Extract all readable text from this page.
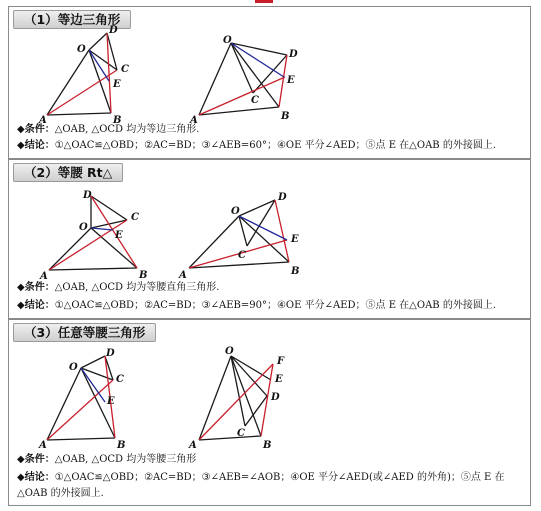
（1）等边三角形
O
D
C
E
A	B
O
D
E
C
A	B
◆条件：△OAB, △OCD 均为等边三角形.
◆结论：①△OAC≌△OBD；②AC=BD；③∠AEB=60°；④OE 平分∠AED；⑤点 E 在△OAB 的外接圆上.
（2）等腰 Rt△
D
O
C
E
A	B
O
D
E
C
A	B
◆条件：△OAB, △OCD 均为等腰直角三角形.
◆结论：①△OAC≌△OBD；②AC=BD；③∠AEB=90°；④OE 平分∠AED；⑤点 E 在△OAB 的外接圆上.
（3）任意等腰三角形
O
D
C
E
A	B
O
F
E
D
C
A	B
◆条件：△OAB, △OCD 均为等腰三角形
◆结论：①△OAC≌△OBD；②AC=BD；③∠AEB=∠AOB；④OE 平分∠AED(或∠AED 的外角)；⑤点 E 在△OAB 的外接圆上.
